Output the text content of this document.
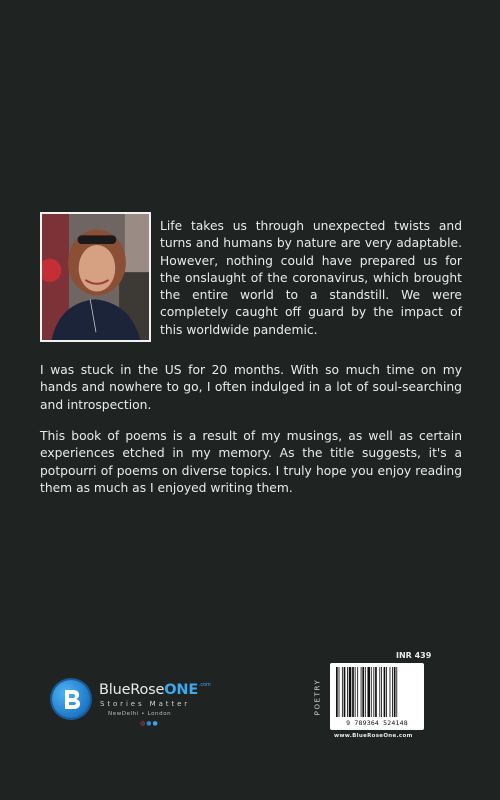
Life takes us through unexpected twists and turns and humans by nature are very adaptable. However, nothing could have prepared us for the onslaught of the coronavirus, which brought the entire world to a standstill. We were completely caught off guard by the impact of this worldwide pandemic.

I was stuck in the US for 20 months. With so much time on my hands and nowhere to go, I often indulged in a lot of soul-searching and introspection.

This book of poems is a result of my musings, as well as certain experiences etched in my memory. As the title suggests, it's a potpourri of poems on diverse topics. I truly hope you enjoy reading them as much as I enjoyed writing them.

BlueRoseONE$^{.com}$
Stories Matter
NewDelhi • London
◎●●
INR 439
POETRY
9 789364 524148
www.BlueRoseOne.com
